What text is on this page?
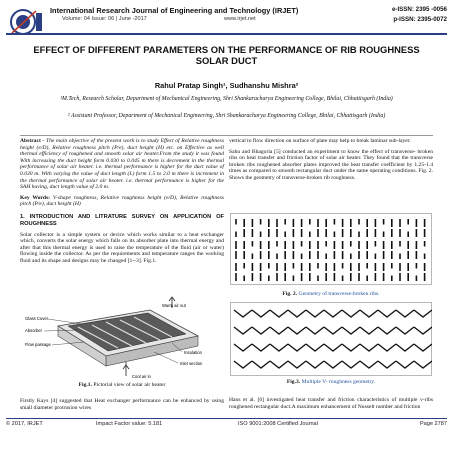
International Research Journal of Engineering and Technology (IRJET)
Volume: 04 Issue: 06 | June -2017	www.irjet.net
e-ISSN: 2395 -0056
p-ISSN: 2395-0072
EFFECT OF DIFFERENT PARAMETERS ON THE PERFORMANCE OF RIB ROUGHNESS SOLAR DUCT
Rahul Pratap Singh¹, Sudhanshu Mishra²
¹M.Tech, Research Scholar, Department of Mechanical Engineering, Shri Shankaracharya Engineering College, Bhilai, Chhattisgarh (India)
² Assistant Professor, Department of Mechanical Engineering, Shri Shankaracharya Engineering College, Bhilai, Chhattisgarh (India)
Abstract - The main objective of the present work is to study Effect of Relative roughness height (e/D), Relative roughness pitch (P/e), duct height (H) etc. on Effective as well thermal efficiency of roughened and smooth solar air heater.From the study it was found With increasing the duct height form 0.030 to 0.045 m there is decrement in the thermal performance of solar air heater. i.e. thermal performance is higher for the duct value of 0.030 m. With varying the value of duct length (L) form 1.5 to 2.0 m there is increment in the thermal performance of solar air heater. i.e. thermal performance is higher for the SAH having, duct length value of 2.0 m.
Key Words: V-shape roughness, Relative roughness height (e/D), Relative roughness pitch (P/e), duct height (H)
1. INTRODUCTION AND LITRATURE SURVEY ON APPLICATION OF ROUGHNESS
Solar collector is a simple system or device which works similar to a heat exchanger which, converts the solar energy which falls on its absorber plate into thermal energy and after that this thermal energy is used to raise the temperature of the fluid (air or water) flowing inside the collector. As per the requirements and temperature ranges the working fluid and its shape and designs may be changed [1--3]. Fig.1.
Warm air out
Glass Cover
Absorber
Flow passage
Insulation
Inlet section
Cool air in
Fig.1. Pictorial view of solar air heater
Firstly Kays [4] suggested that Heat exchanger performance can be enhanced by using small diameter protrusion wires
vertical to flow direction on surface of plate may help to break laminar sub-layer.
Sahu and Bhagoria [5] conducted an experiment to know the effect of transverse- broken ribs on heat transfer and friction factor of solar air heater. They found that the transverse broken ribs roughened absorber plates improved the heat transfer coefficient by 1.25-1.4 times as compared to smooth rectangular duct under the same operating conditions. Fig. 2. Shows the geometry of transverse-broken rib roughness.
Fig. 2. Geometry of transverse-broken ribs.
Fig.3. Multiple V- roughness geometry.
Hans et al. [6] investigated heat transfer and friction characteristics of multiple v-ribs roughened rectangular duct.A maximum enhancement of Nusselt number and friction
© 2017, IRJET	Impact Factor value: 5.181	ISO 9001:2008 Certified Journal	Page 2787
